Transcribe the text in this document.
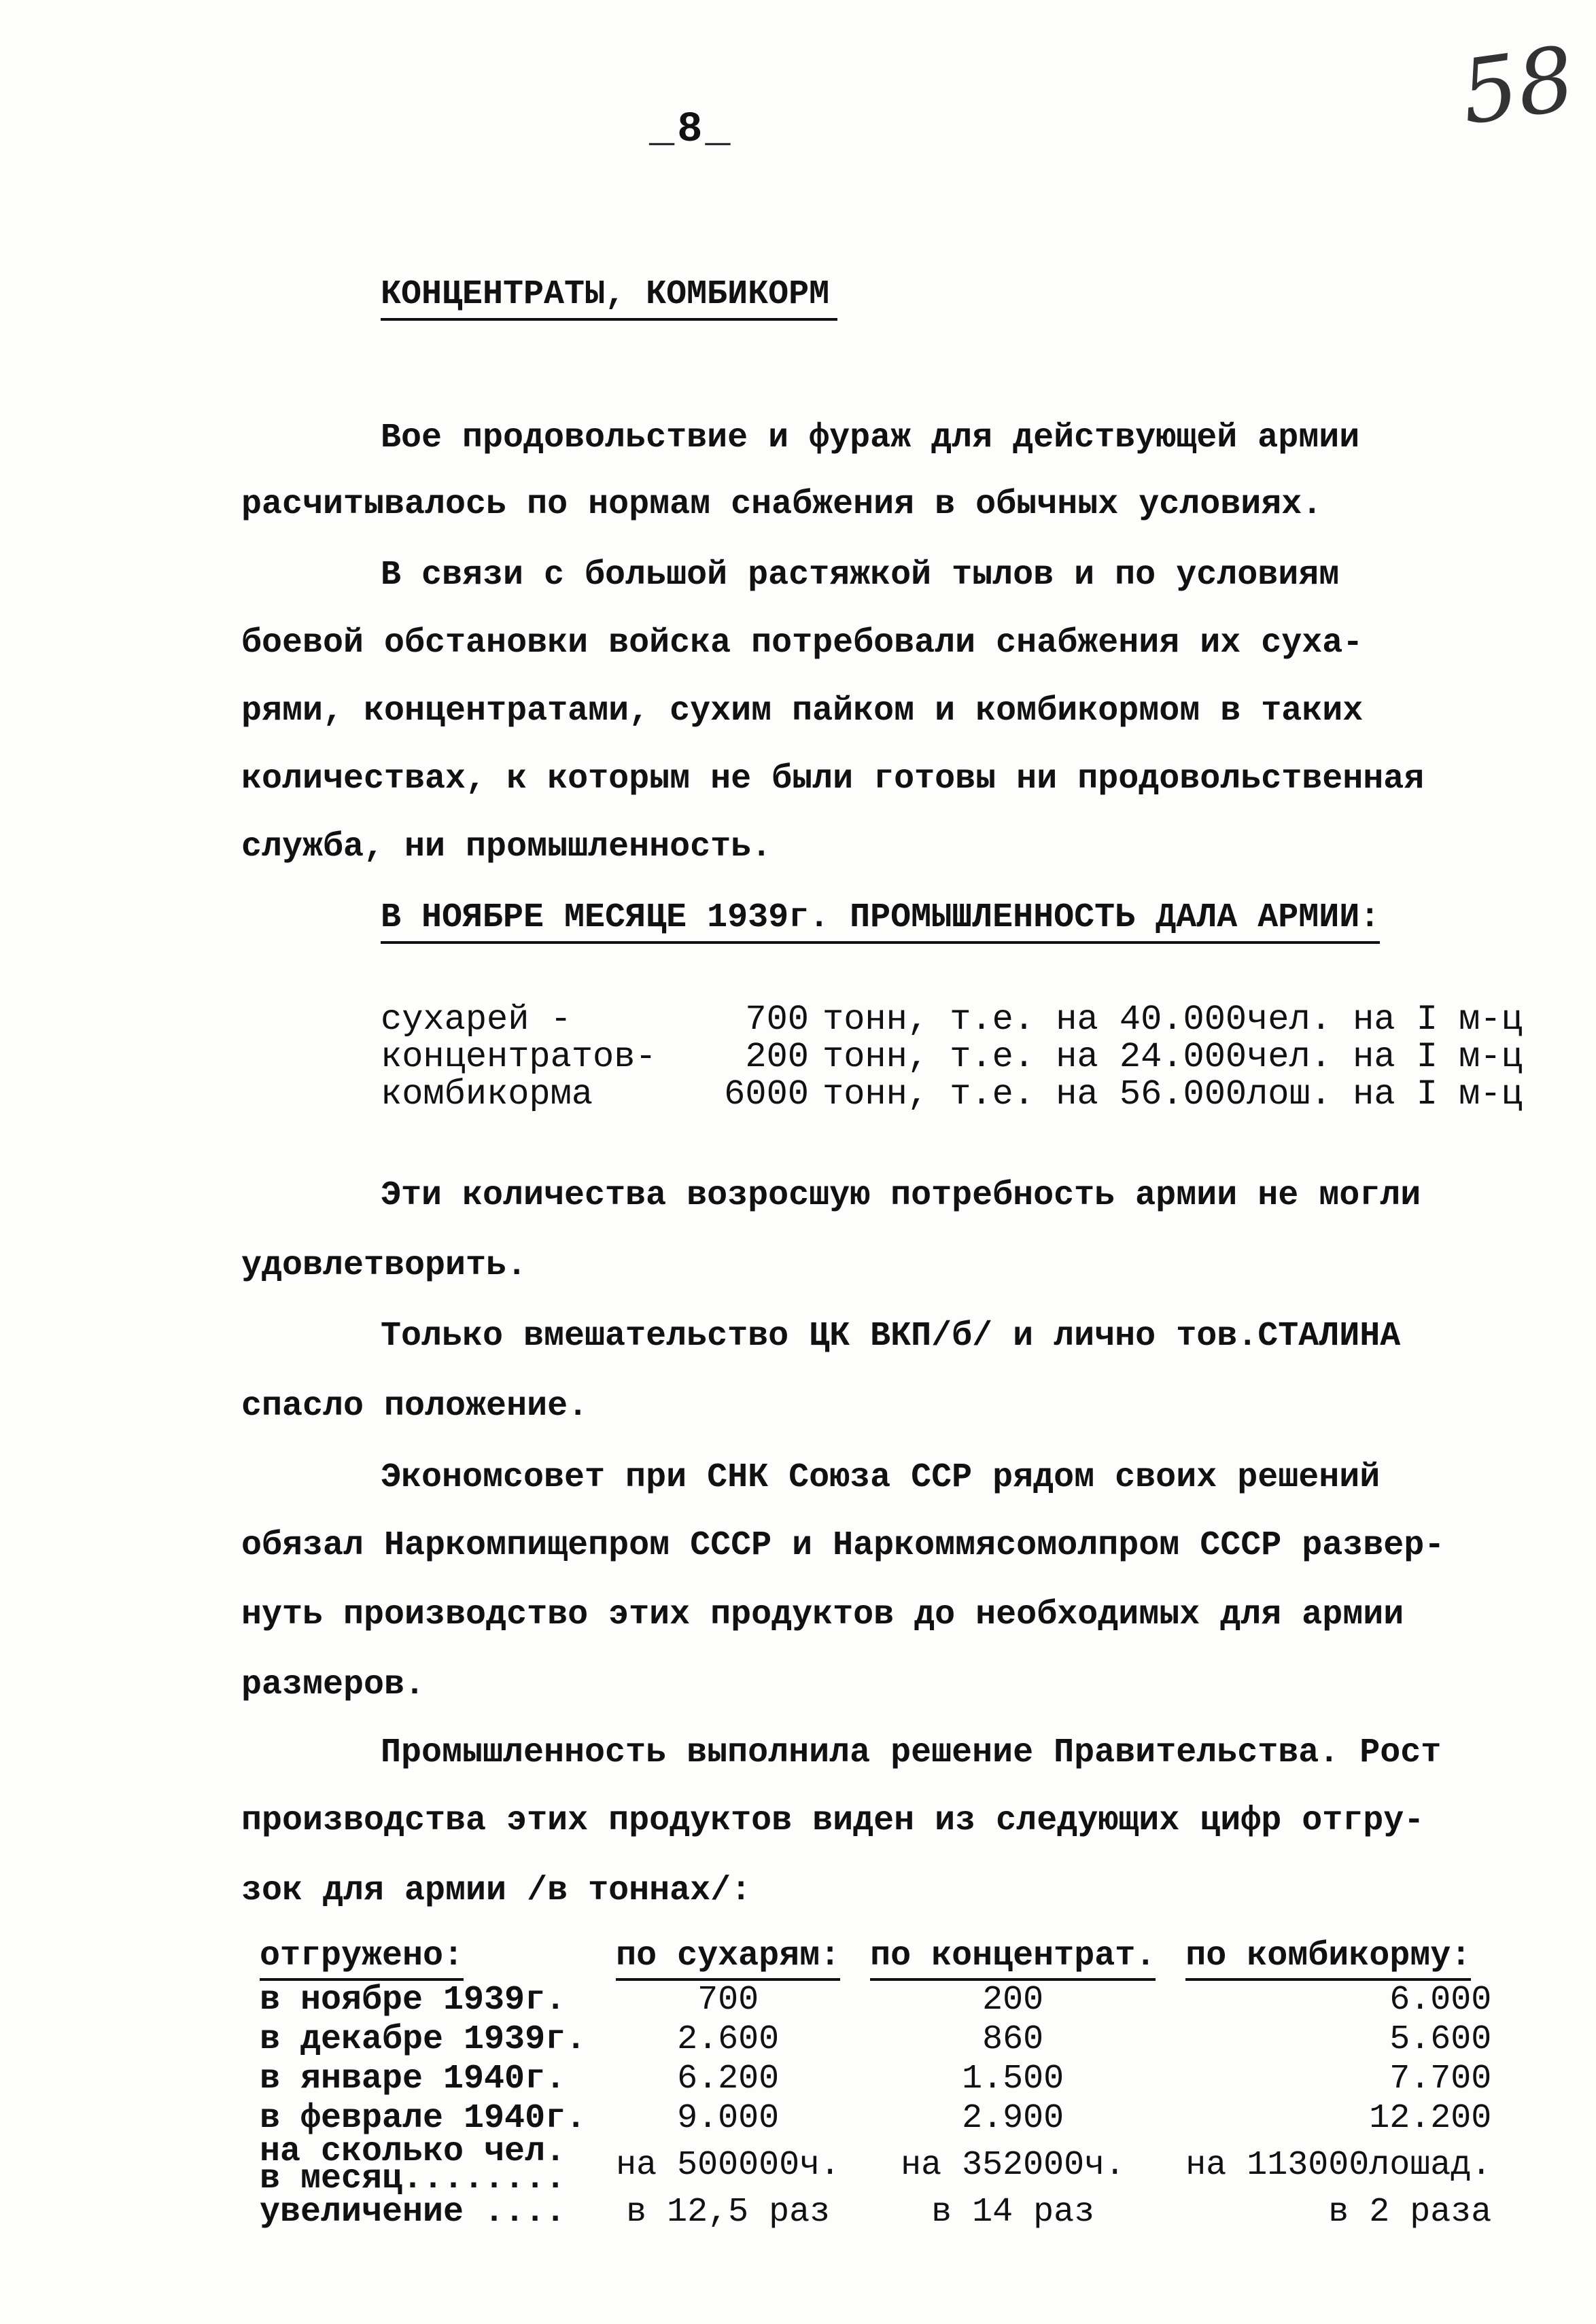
_8_	58
КОНЦЕНТРАТЫ, КОМБИКОРМ
Вое продовольствие и фураж для действующей армии
расчитывалось по нормам снабжения в обычных условиях.
В связи с большой растяжкой тылов и по условиям
боевой обстановки войска потребовали снабжения их суха-
рями, концентратами, сухим пайком и комбикормом в таких
количествах, к которым не были готовы ни продовольственная
служба, ни промышленность.
В НОЯБРЕ МЕСЯЦЕ 1939г. ПРОМЫШЛЕННОСТЬ ДАЛА АРМИИ:
сухарей -	700 тонн, т.е. на 40.000чел. на I м-ц
концентратов-	200 тонн, т.е. на 24.000чел. на I м-ц
комбикорма	6000 тонн, т.е. на 56.000лош. на I м-ц
Эти количества возросшую потребность армии не могли
удовлетворить.
Только вмешательство ЦК ВКП/б/ и лично тов.СТАЛИНА
спасло положение.
Экономсовет при СНК Союза ССР рядом своих решений
обязал Наркомпищепром СССР и Наркоммясомолпром СССР развер-
нуть производство этих продуктов до необходимых для армии
размеров.
Промышленность выполнила решение Правительства. Рост
производства этих продуктов виден из следующих цифр отгру-
зок для армии /в тоннах/:
отгружено:	по сухарям:	по концентрат.	по комбикорму:
в ноябре 1939г.	700	200	6.000
в декабре 1939г.	2.600	860	5.600
в январе 1940г.	6.200	1.500	7.700
в феврале 1940г.	9.000	2.900	12.200

на сколько чел.
в месяц........	на 500000ч.	на 352000ч.	на 113000лошад.
увеличение ....	в 12,5 раз	в 14 раз	в 2 раза
